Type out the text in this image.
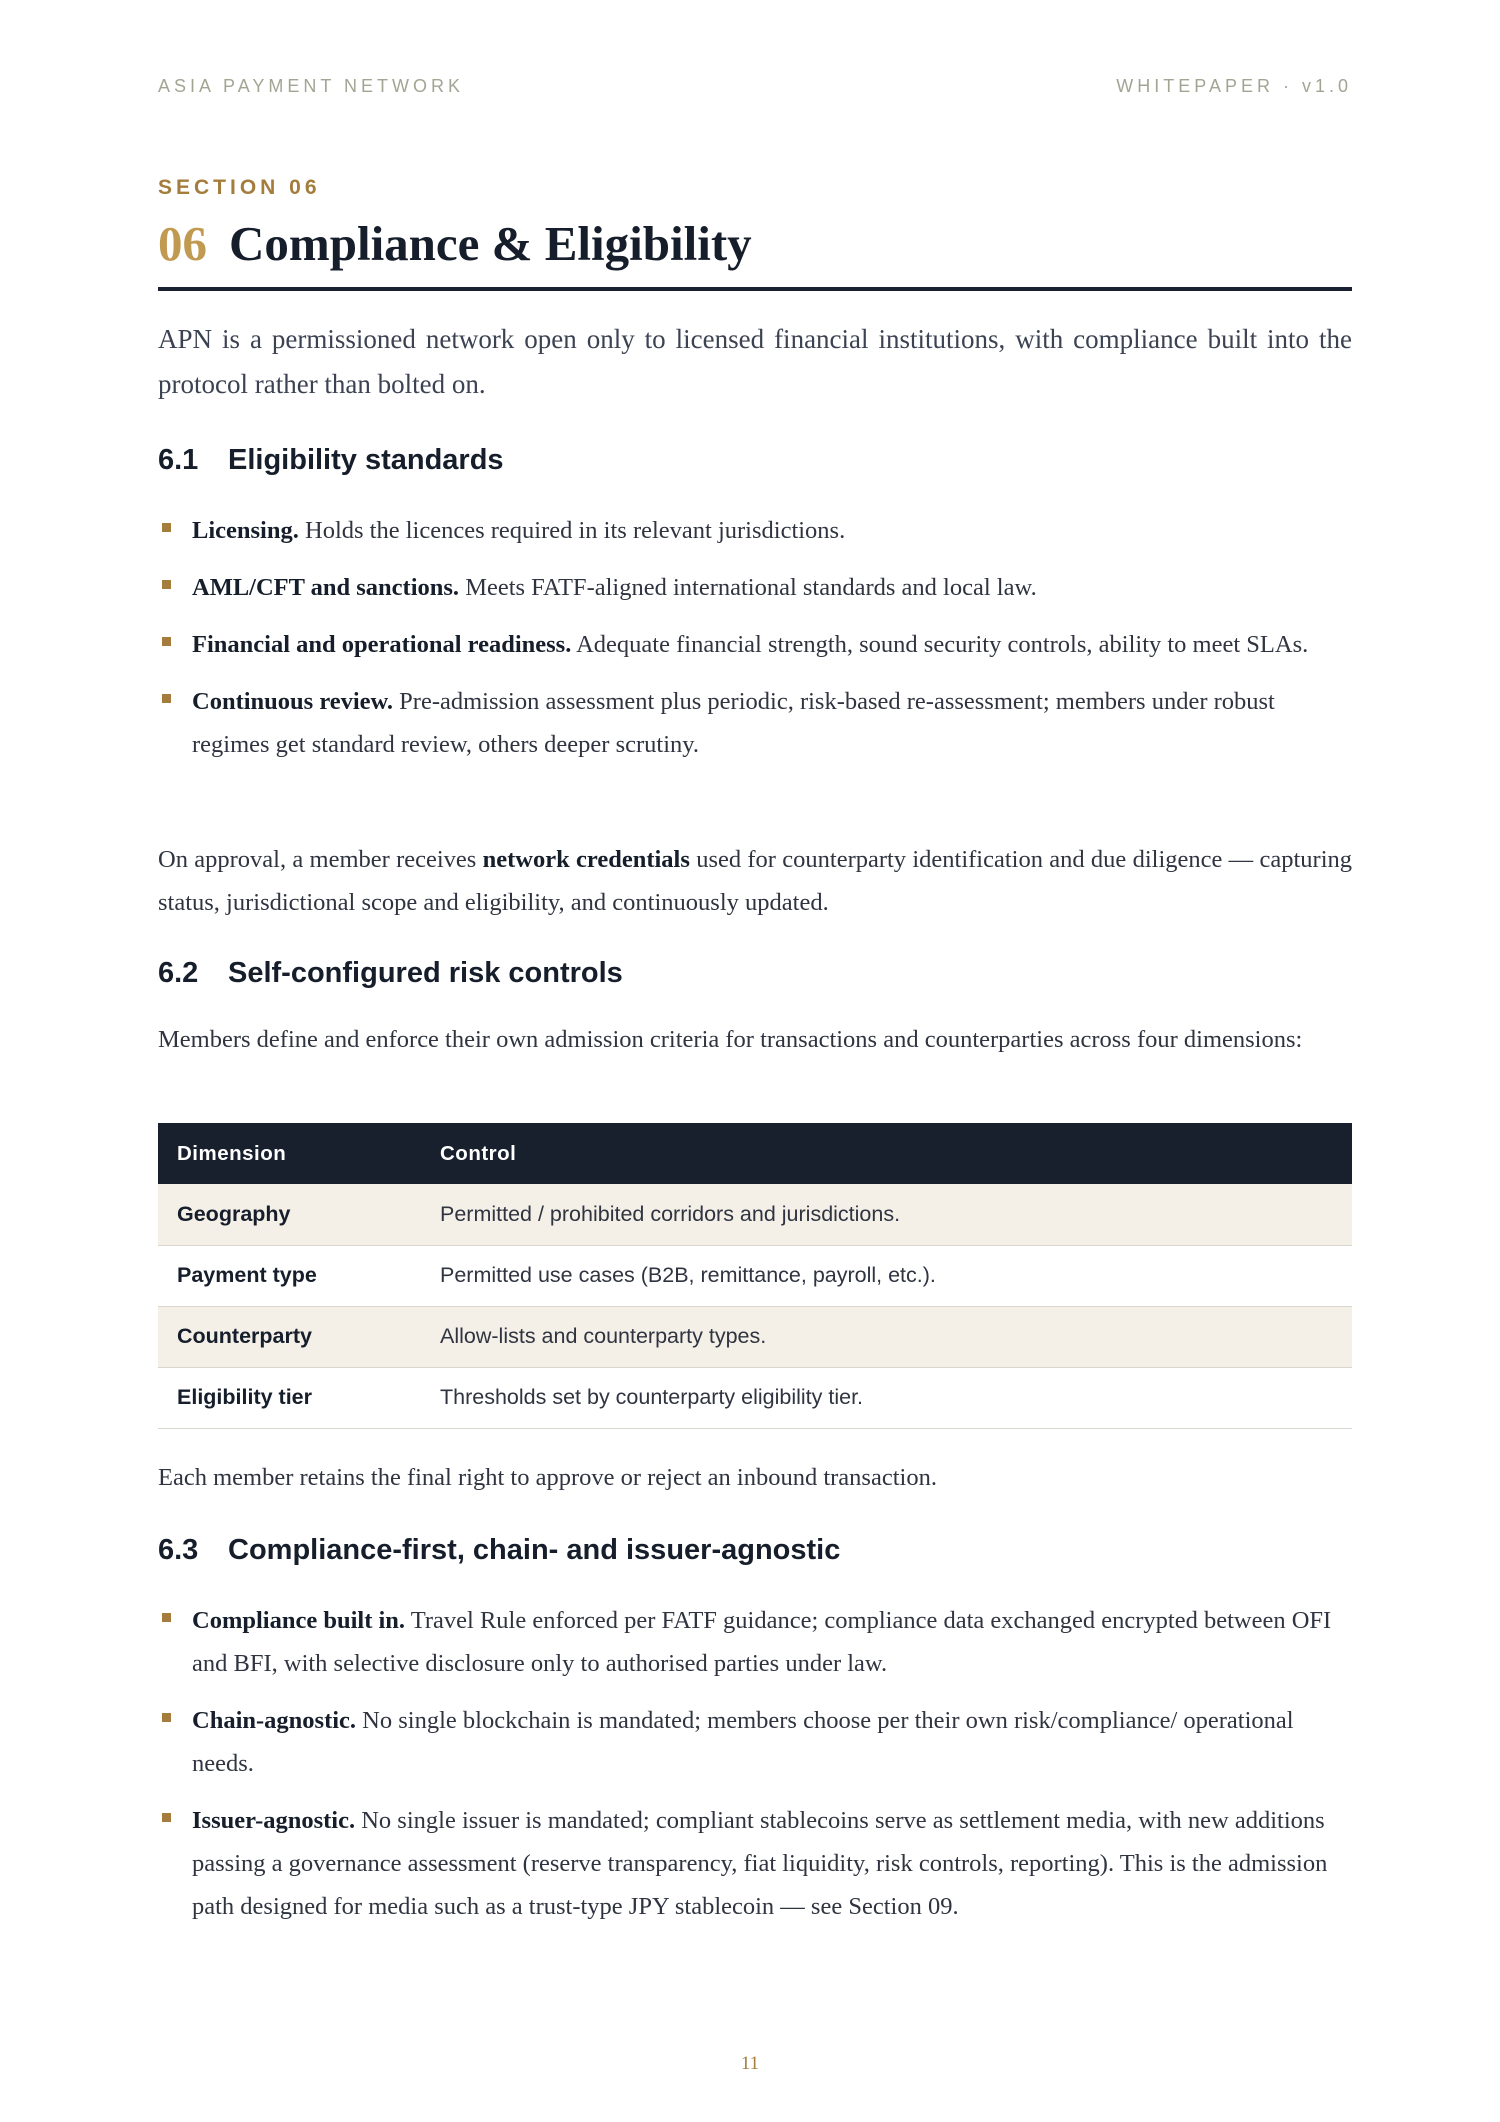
ASIA PAYMENT NETWORK	WHITEPAPER · v1.0
SECTION 06
06 Compliance & Eligibility

APN is a permissioned network open only to licensed financial institutions, with compliance built into the protocol rather than bolted on.

6.1 Eligibility standards
Licensing. Holds the licences required in its relevant jurisdictions.
AML/CFT and sanctions. Meets FATF-aligned international standards and local law.
Financial and operational readiness. Adequate financial strength, sound security controls, ability to meet SLAs.
Continuous review. Pre-admission assessment plus periodic, risk-based re-assessment; members under robust regimes get standard review, others deeper scrutiny.

On approval, a member receives network credentials used for counterparty identification and due diligence — capturing status, jurisdictional scope and eligibility, and continuously updated.

6.2 Self-configured risk controls

Members define and enforce their own admission criteria for transactions and counterparties across four dimensions:

Dimension	Control
Geography	Permitted / prohibited corridors and jurisdictions.
Payment type	Permitted use cases (B2B, remittance, payroll, etc.).
Counterparty	Allow-lists and counterparty types.
Eligibility tier	Thresholds set by counterparty eligibility tier.

Each member retains the final right to approve or reject an inbound transaction.

6.3 Compliance-first, chain- and issuer-agnostic
Compliance built in. Travel Rule enforced per FATF guidance; compliance data exchanged encrypted between OFI and BFI, with selective disclosure only to authorised parties under law.
Chain-agnostic. No single blockchain is mandated; members choose per their own risk/compliance/ operational needs.
Issuer-agnostic. No single issuer is mandated; compliant stablecoins serve as settlement media, with new additions passing a governance assessment (reserve transparency, fiat liquidity, risk controls, reporting). This is the admission path designed for media such as a trust-type JPY stablecoin — see Section 09.
11
